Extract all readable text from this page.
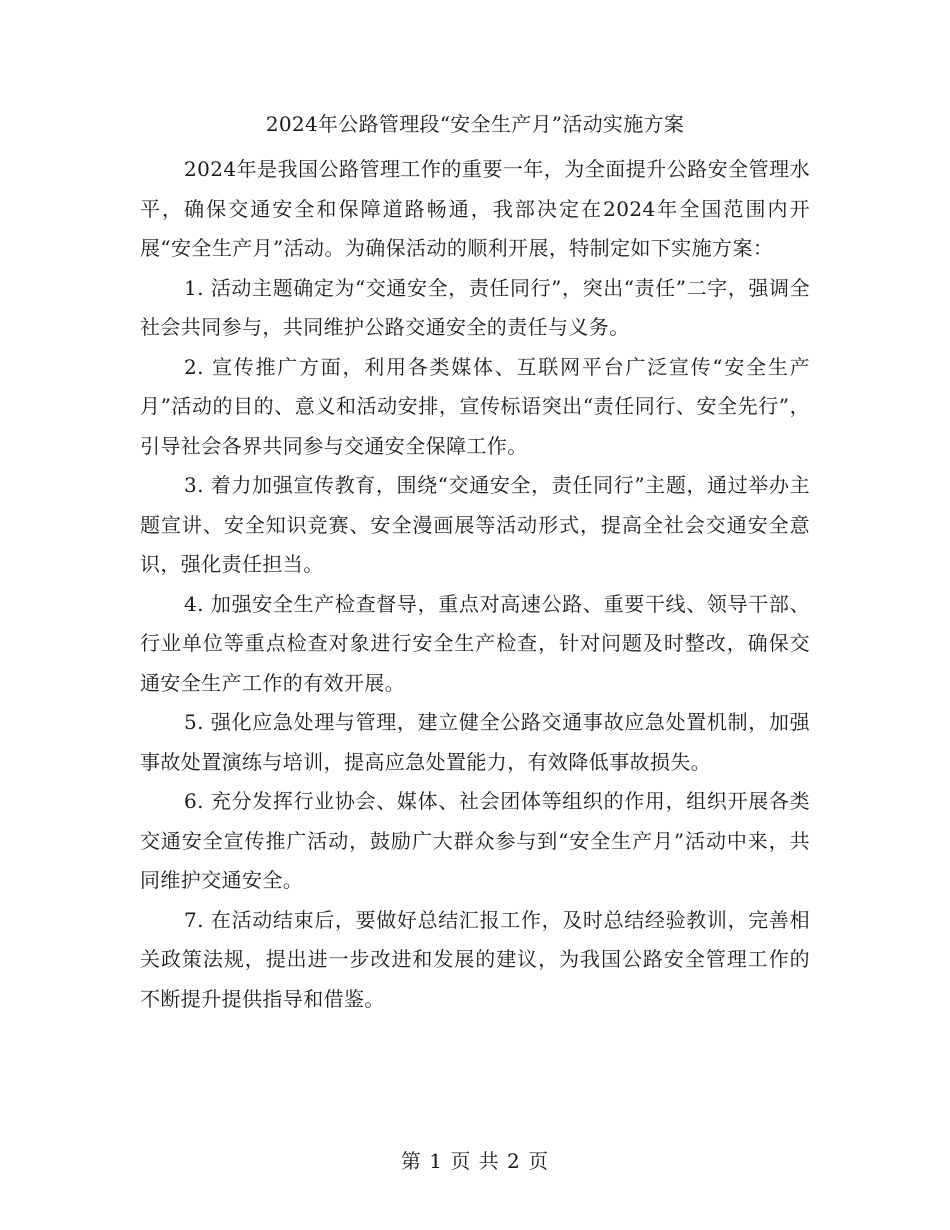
2024年公路管理段“安全生产月”活动实施方案

2024年是我国公路管理工作的重要一年，为全面提升公路安全管理水平，确保交通安全和保障道路畅通，我部决定在2024年全国范围内开展“安全生产月”活动。为确保活动的顺利开展，特制定如下实施方案：

1. 活动主题确定为“交通安全，责任同行”，突出“责任”二字，强调全社会共同参与，共同维护公路交通安全的责任与义务。

2. 宣传推广方面，利用各类媒体、互联网平台广泛宣传“安全生产月”活动的目的、意义和活动安排，宣传标语突出“责任同行、安全先行”，引导社会各界共同参与交通安全保障工作。

3. 着力加强宣传教育，围绕“交通安全，责任同行”主题，通过举办主题宣讲、安全知识竞赛、安全漫画展等活动形式，提高全社会交通安全意识，强化责任担当。

4. 加强安全生产检查督导，重点对高速公路、重要干线、领导干部、行业单位等重点检查对象进行安全生产检查，针对问题及时整改，确保交通安全生产工作的有效开展。

5. 强化应急处理与管理，建立健全公路交通事故应急处置机制，加强事故处置演练与培训，提高应急处置能力，有效降低事故损失。

6. 充分发挥行业协会、媒体、社会团体等组织的作用，组织开展各类交通安全宣传推广活动，鼓励广大群众参与到“安全生产月”活动中来，共同维护交通安全。

7. 在活动结束后，要做好总结汇报工作，及时总结经验教训，完善相关政策法规，提出进一步改进和发展的建议，为我国公路安全管理工作的不断提升提供指导和借鉴。

第 1 页 共 2 页
